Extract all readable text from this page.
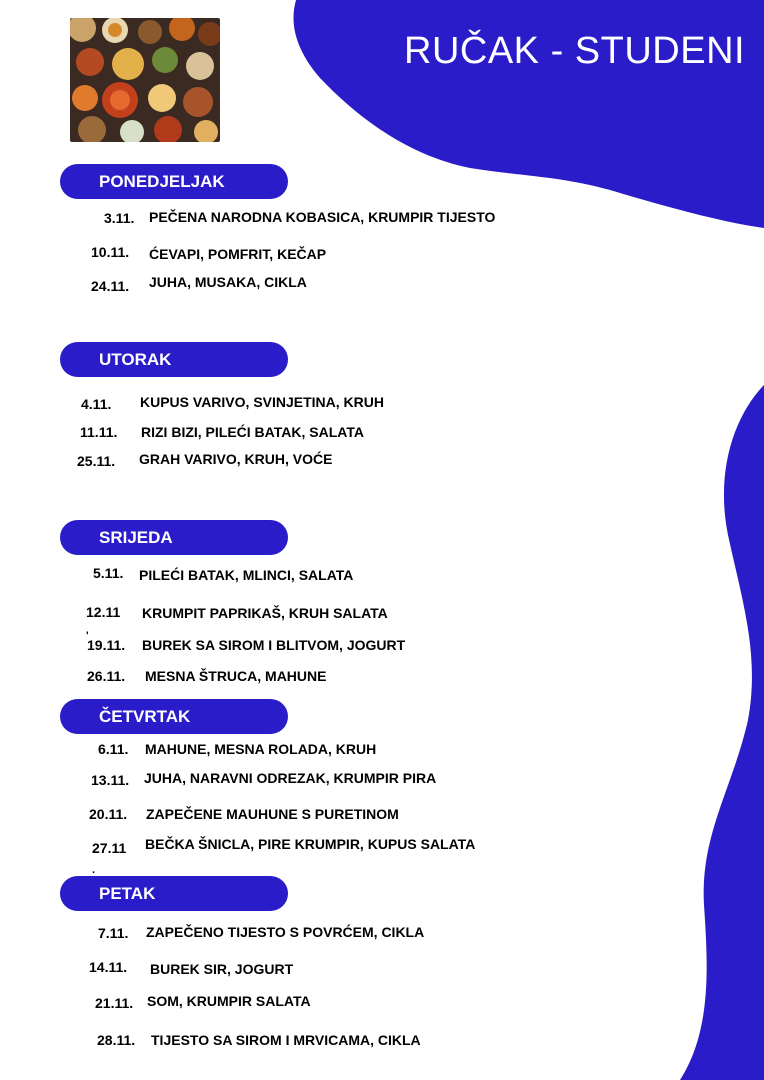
RUČAK - STUDENI
PONEDJELJAK
3.11. PEČENA NARODNA KOBASICA, KRUMPIR TIJESTO
10.11. ĆEVAPI, POMFRIT, KEČAP
24.11. JUHA, MUSAKA, CIKLA
UTORAK
4.11. KUPUS VARIVO, SVINJETINA, KRUH
11.11. RIZI BIZI, PILEĆI BATAK, SALATA
25.11. GRAH VARIVO, KRUH, VOĆE
SRIJEDA
5.11. PILEĆI BATAK, MLINCI, SALATA
12.11 KRUMPIT PAPRIKAŠ, KRUH SALATA
'
19.11. BUREK SA SIROM I BLITVOM, JOGURT
26.11. MESNA ŠTRUCA, MAHUNE
ČETVRTAK
6.11. MAHUNE, MESNA ROLADA, KRUH
13.11. JUHA, NARAVNI ODREZAK, KRUMPIR PIRA
20.11. ZAPEČENE MAUHUNE S PURETINOM
27.11 BEČKA ŠNICLA, PIRE KRUMPIR, KUPUS SALATA
.
PETAK
7.11. ZAPEČENO TIJESTO S POVRĆEM, CIKLA
14.11. BUREK SIR, JOGURT
21.11. SOM, KRUMPIR SALATA
28.11. TIJESTO SA SIROM I MRVICAMA, CIKLA
